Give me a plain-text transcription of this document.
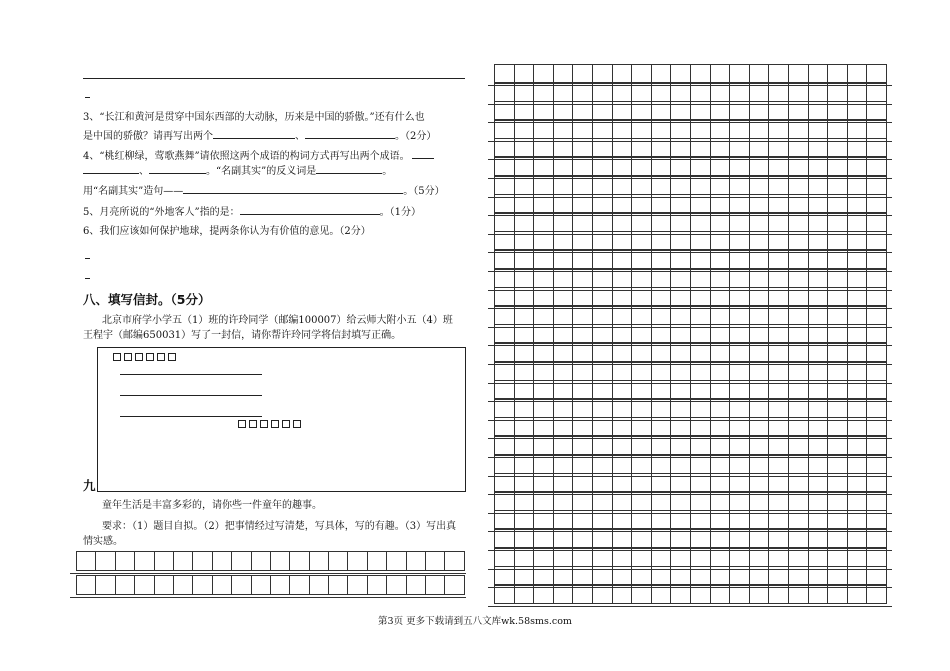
3、“长江和黄河是贯穿中国东西部的大动脉，历来是中国的骄傲。”还有什么也
是中国的骄傲？请再写出两个	、	。（2分）
4、“桃红柳绿，莺歌燕舞”请依照这两个成语的构词方式再写出两个成语。
、	。“名副其实”的反义词是	。
用“名副其实”造句——	。（5分）
5、月亮所说的“外地客人”指的是：	。（1分）
6、我们应该如何保护地球，提两条你认为有价值的意见。（2分）
八、填写信封。（5分）
北京市府学小学五（1）班的许玲同学（邮编100007）给云师大附小五（4）班
王程宇（邮编650031）写了一封信，请你帮许玲同学将信封填写正确。
九
童年生活是丰富多彩的，请你些一件童年的趣事。
要求：（1）题目自拟。（2）把事情经过写清楚，写具体，写的有趣。（3）写出真
情实感。
第3页 更多下载请到五八文库wk.58sms.com
